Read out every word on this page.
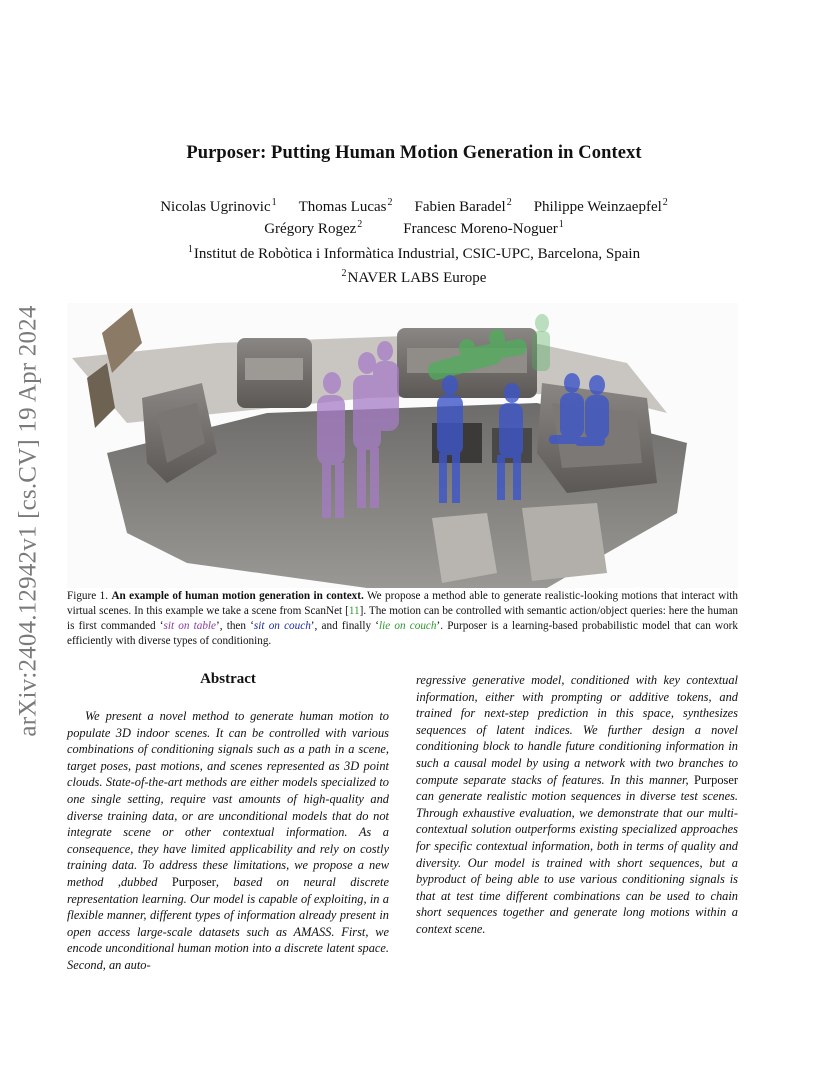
arXiv:2404.12942v1 [cs.CV] 19 Apr 2024
Purposer: Putting Human Motion Generation in Context
Nicolas Ugrinovic$^1$ Thomas Lucas$^2$ Fabien Baradel$^2$ Philippe Weinzaepfel$^2$
Grégory Rogez$^2$	Francesc Moreno-Noguer$^1$
$^1$Institut de Robòtica i Informàtica Industrial, CSIC-UPC, Barcelona, Spain
$^2$NAVER LABS Europe
Figure 1. An example of human motion generation in context. We propose a method able to generate realistic-looking motions that interact with virtual scenes. In this example we take a scene from ScanNet [11]. The motion can be controlled with semantic action/object queries: here the human is first commanded ‘sit on table’, then ‘sit on couch’, and finally ‘lie on couch’. Purposer is a learning-based probabilistic model that can work efficiently with diverse types of conditioning.
Abstract
We present a novel method to generate human motion to populate 3D indoor scenes. It can be controlled with various combinations of conditioning signals such as a path in a scene, target poses, past motions, and scenes represented as 3D point clouds. State-of-the-art methods are either models specialized to one single setting, require vast amounts of high-quality and diverse training data, or are unconditional models that do not integrate scene or other contextual information. As a consequence, they have limited applicability and rely on costly training data. To address these limitations, we propose a new method ,dubbed Purposer, based on neural discrete representation learning. Our model is capable of exploiting, in a flexible manner, different types of information already present in open access large-scale datasets such as AMASS. First, we encode unconditional human motion into a discrete latent space. Second, an auto-
regressive generative model, conditioned with key contextual information, either with prompting or additive tokens, and trained for next-step prediction in this space, synthesizes sequences of latent indices. We further design a novel conditioning block to handle future conditioning information in such a causal model by using a network with two branches to compute separate stacks of features. In this manner, Purposer can generate realistic motion sequences in diverse test scenes. Through exhaustive evaluation, we demonstrate that our multi-contextual solution outperforms existing specialized approaches for specific contextual information, both in terms of quality and diversity. Our model is trained with short sequences, but a byproduct of being able to use various conditioning signals is that at test time different combinations can be used to chain short sequences together and generate long motions within a context scene.
